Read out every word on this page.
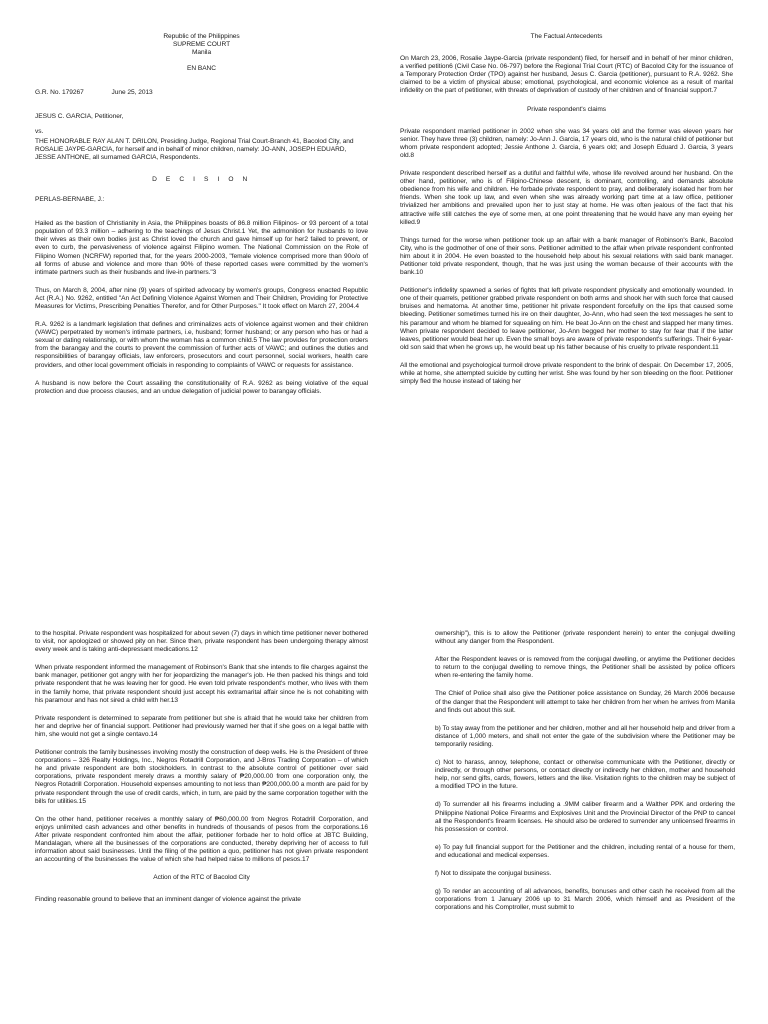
Republic of the Philippines

SUPREME COURT

Manila

EN BANC

G.R. No. 179267	June 25, 2013

JESUS C. GARCIA, Petitioner,

vs.

THE HONORABLE RAY ALAN T. DRILON, Presiding Judge, Regional Trial Court-Branch 41, Bacolod City, and ROSALIE JAYPE-GARCIA, for herself and in behalf of minor children, namely: JO-ANN, JOSEPH EDUARD, JESSE ANTHONE, all surnamed GARCIA, Respondents.

D E C I S I O N

PERLAS-BERNABE, J.:

Hailed as the bastion of Christianity in Asia, the Philippines boasts of 86.8 million Filipinos- or 93 percent of a total population of 93.3 million – adhering to the teachings of Jesus Christ.1 Yet, the admonition for husbands to love their wives as their own bodies just as Christ loved the church and gave himself up for her2 failed to prevent, or even to curb, the pervasiveness of violence against Filipino women. The National Commission on the Role of Filipino Women (NCRFW) reported that, for the years 2000-2003, "female violence comprised more than 90o/o of all forms of abuse and violence and more than 90% of these reported cases were committed by the women's intimate partners such as their husbands and live-in partners."3

Thus, on March 8, 2004, after nine (9) years of spirited advocacy by women's groups, Congress enacted Republic Act (R.A.) No. 9262, entitled "An Act Defining Violence Against Women and Their Children, Providing for Protective Measures for Victims, Prescribing Penalties Therefor, and for Other Purposes." It took effect on March 27, 2004.4

R.A. 9262 is a landmark legislation that defines and criminalizes acts of violence against women and their children (VAWC) perpetrated by women's intimate partners, i.e, husband; former husband; or any person who has or had a sexual or dating relationship, or with whom the woman has a common child.5 The law provides for protection orders from the barangay and the courts to prevent the commission of further acts of VAWC; and outlines the duties and responsibilities of barangay officials, law enforcers, prosecutors and court personnel, social workers, health care providers, and other local government officials in responding to complaints of VAWC or requests for assistance.

A husband is now before the Court assailing the constitutionality of R.A. 9262 as being violative of the equal protection and due process clauses, and an undue delegation of judicial power to barangay officials.

The Factual Antecedents

On March 23, 2006, Rosalie Jaype-Garcia (private respondent) filed, for herself and in behalf of her minor children, a verified petition6 (Civil Case No. 06-797) before the Regional Trial Court (RTC) of Bacolod City for the issuance of a Temporary Protection Order (TPO) against her husband, Jesus C. Garcia (petitioner), pursuant to R.A. 9262. She claimed to be a victim of physical abuse; emotional, psychological, and economic violence as a result of marital infidelity on the part of petitioner, with threats of deprivation of custody of her children and of financial support.7

Private respondent's claims

Private respondent married petitioner in 2002 when she was 34 years old and the former was eleven years her senior. They have three (3) children, namely: Jo-Ann J. Garcia, 17 years old, who is the natural child of petitioner but whom private respondent adopted; Jessie Anthone J. Garcia, 6 years old; and Joseph Eduard J. Garcia, 3 years old.8

Private respondent described herself as a dutiful and faithful wife, whose life revolved around her husband. On the other hand, petitioner, who is of Filipino-Chinese descent, is dominant, controlling, and demands absolute obedience from his wife and children. He forbade private respondent to pray, and deliberately isolated her from her friends. When she took up law, and even when she was already working part time at a law office, petitioner trivialized her ambitions and prevailed upon her to just stay at home. He was often jealous of the fact that his attractive wife still catches the eye of some men, at one point threatening that he would have any man eyeing her killed.9

Things turned for the worse when petitioner took up an affair with a bank manager of Robinson's Bank, Bacolod City, who is the godmother of one of their sons. Petitioner admitted to the affair when private respondent confronted him about it in 2004. He even boasted to the household help about his sexual relations with said bank manager. Petitioner told private respondent, though, that he was just using the woman because of their accounts with the bank.10

Petitioner's infidelity spawned a series of fights that left private respondent physically and emotionally wounded. In one of their quarrels, petitioner grabbed private respondent on both arms and shook her with such force that caused bruises and hematoma. At another time, petitioner hit private respondent forcefully on the lips that caused some bleeding. Petitioner sometimes turned his ire on their daughter, Jo-Ann, who had seen the text messages he sent to his paramour and whom he blamed for squealing on him. He beat Jo-Ann on the chest and slapped her many times. When private respondent decided to leave petitioner, Jo-Ann begged her mother to stay for fear that if the latter leaves, petitioner would beat her up. Even the small boys are aware of private respondent's sufferings. Their 6-year-old son said that when he grows up, he would beat up his father because of his cruelty to private respondent.11

All the emotional and psychological turmoil drove private respondent to the brink of despair. On December 17, 2005, while at home, she attempted suicide by cutting her wrist. She was found by her son bleeding on the floor. Petitioner simply fled the house instead of taking her

to the hospital. Private respondent was hospitalized for about seven (7) days in which time petitioner never bothered to visit, nor apologized or showed pity on her. Since then, private respondent has been undergoing therapy almost every week and is taking anti-depressant medications.12

When private respondent informed the management of Robinson's Bank that she intends to file charges against the bank manager, petitioner got angry with her for jeopardizing the manager's job. He then packed his things and told private respondent that he was leaving her for good. He even told private respondent's mother, who lives with them in the family home, that private respondent should just accept his extramarital affair since he is not cohabiting with his paramour and has not sired a child with her.13

Private respondent is determined to separate from petitioner but she is afraid that he would take her children from her and deprive her of financial support. Petitioner had previously warned her that if she goes on a legal battle with him, she would not get a single centavo.14

Petitioner controls the family businesses involving mostly the construction of deep wells. He is the President of three corporations – 326 Realty Holdings, Inc., Negros Rotadrill Corporation, and J-Bros Trading Corporation – of which he and private respondent are both stockholders. In contrast to the absolute control of petitioner over said corporations, private respondent merely draws a monthly salary of ₱20,000.00 from one corporation only, the Negros Rotadrill Corporation. Household expenses amounting to not less than ₱200,000.00 a month are paid for by private respondent through the use of credit cards, which, in turn, are paid by the same corporation together with the bills for utilities.15

On the other hand, petitioner receives a monthly salary of ₱60,000.00 from Negros Rotadrill Corporation, and enjoys unlimited cash advances and other benefits in hundreds of thousands of pesos from the corporations.16 After private respondent confronted him about the affair, petitioner forbade her to hold office at JBTC Building, Mandalagan, where all the businesses of the corporations are conducted, thereby depriving her of access to full information about said businesses. Until the filing of the petition a quo, petitioner has not given private respondent an accounting of the businesses the value of which she had helped raise to millions of pesos.17

Action of the RTC of Bacolod City

Finding reasonable ground to believe that an imminent danger of violence against the private

ownership"), this is to allow the Petitioner (private respondent herein) to enter the conjugal dwelling without any danger from the Respondent.

After the Respondent leaves or is removed from the conjugal dwelling, or anytime the Petitioner decides to return to the conjugal dwelling to remove things, the Petitioner shall be assisted by police officers when re-entering the family home.

The Chief of Police shall also give the Petitioner police assistance on Sunday, 26 March 2006 because of the danger that the Respondent will attempt to take her children from her when he arrives from Manila and finds out about this suit.

b) To stay away from the petitioner and her children, mother and all her household help and driver from a distance of 1,000 meters, and shall not enter the gate of the subdivision where the Petitioner may be temporarily residing.

c) Not to harass, annoy, telephone, contact or otherwise communicate with the Petitioner, directly or indirectly, or through other persons, or contact directly or indirectly her children, mother and household help, nor send gifts, cards, flowers, letters and the like. Visitation rights to the children may be subject of a modified TPO in the future.

d) To surrender all his firearms including a .9MM caliber firearm and a Walther PPK and ordering the Philippine National Police Firearms and Explosives Unit and the Provincial Director of the PNP to cancel all the Respondent's firearm licenses. He should also be ordered to surrender any unlicensed firearms in his possession or control.

e) To pay full financial support for the Petitioner and the children, including rental of a house for them, and educational and medical expenses.

f) Not to dissipate the conjugal business.

g) To render an accounting of all advances, benefits, bonuses and other cash he received from all the corporations from 1 January 2006 up to 31 March 2006, which himself and as President of the corporations and his Comptroller, must submit to
